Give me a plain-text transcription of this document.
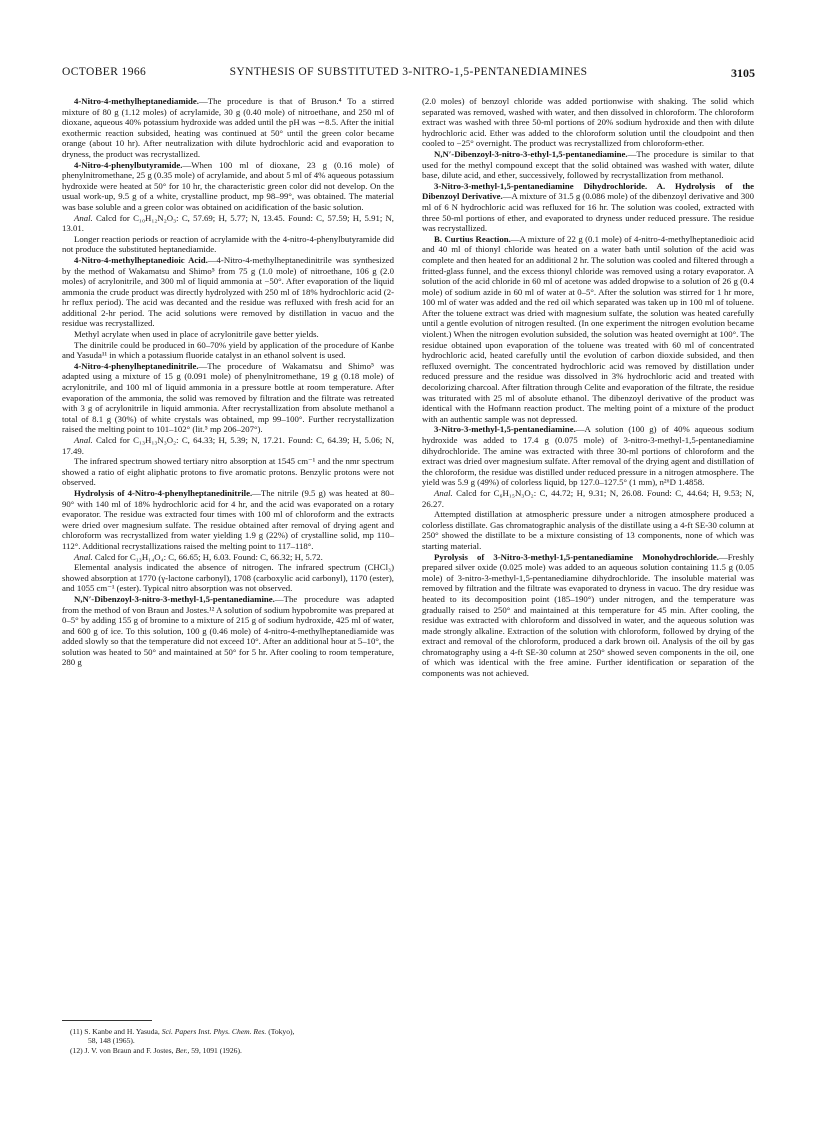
OCTOBER 1966	SYNTHESIS OF SUBSTITUTED 3-NITRO-1,5-PENTANEDIAMINES	3105

4-Nitro-4-methylheptanediamide.—The procedure is that of Bruson.⁴ To a stirred mixture of 80 g (1.12 moles) of acrylamide, 30 g (0.40 mole) of nitroethane, and 250 ml of dioxane, aqueous 40% potassium hydroxide was added until the pH was ∽8.5. After the initial exothermic reaction subsided, heating was continued at 50° until the green color became orange (about 10 hr). After neutralization with dilute hydrochloric acid and evaporation to dryness, the product was recrystallized.

4-Nitro-4-phenylbutyramide.—When 100 ml of dioxane, 23 g (0.16 mole) of phenylnitromethane, 25 g (0.35 mole) of acrylamide, and about 5 ml of 4% aqueous potassium hydroxide were heated at 50° for 10 hr, the characteristic green color did not develop. On the usual work-up, 9.5 g of a white, crystalline product, mp 98–99°, was obtained. The material was base soluble and a green color was obtained on acidification of the basic solution.

Anal. Calcd for C₁₀H₁₂N₂O₃: C, 57.69; H, 5.77; N, 13.45. Found: C, 57.59; H, 5.91; N, 13.01.

Longer reaction periods or reaction of acrylamide with the 4-nitro-4-phenylbutyramide did not produce the substituted heptanediamide.

4-Nitro-4-methylheptanedioic Acid.—4-Nitro-4-methylheptanedinitrile was synthesized by the method of Wakamatsu and Shimo⁵ from 75 g (1.0 mole) of nitroethane, 106 g (2.0 moles) of acrylonitrile, and 300 ml of liquid ammonia at −50°. After evaporation of the liquid ammonia the crude product was directly hydrolyzed with 250 ml of 18% hydrochloric acid (2-hr reflux period). The acid was decanted and the residue was refluxed with fresh acid for an additional 2-hr period. The acid solutions were removed by distillation in vacuo and the residue was recrystallized.

Methyl acrylate when used in place of acrylonitrile gave better yields.

The dinitrile could be produced in 60–70% yield by application of the procedure of Kanbe and Yasuda¹¹ in which a potassium fluoride catalyst in an ethanol solvent is used.

4-Nitro-4-phenylheptanedinitrile.—The procedure of Wakamatsu and Shimo⁵ was adapted using a mixture of 15 g (0.091 mole) of phenylnitromethane, 19 g (0.18 mole) of acrylonitrile, and 100 ml of liquid ammonia in a pressure bottle at room temperature. After evaporation of the ammonia, the solid was removed by filtration and the filtrate was retreated with 3 g of acrylonitrile in liquid ammonia. After recrystallization from absolute methanol a total of 8.1 g (30%) of white crystals was obtained, mp 99–100°. Further recrystallization raised the melting point to 101–102° (lit.⁵ mp 206–207°).

Anal. Calcd for C₁₃H₁₃N₃O₂: C, 64.33; H, 5.39; N, 17.21. Found: C, 64.39; H, 5.06; N, 17.49.

The infrared spectrum showed tertiary nitro absorption at 1545 cm⁻¹ and the nmr spectrum showed a ratio of eight aliphatic protons to five aromatic protons. Benzylic protons were not observed.

Hydrolysis of 4-Nitro-4-phenylheptanedinitrile.—The nitrile (9.5 g) was heated at 80–90° with 140 ml of 18% hydrochloric acid for 4 hr, and the acid was evaporated on a rotary evaporator. The residue was extracted four times with 100 ml of chloroform and the extracts were dried over magnesium sulfate. The residue obtained after removal of drying agent and chloroform was recrystallized from water yielding 1.9 g (22%) of crystalline solid, mp 110–112°. Additional recrystallizations raised the melting point to 117–118°.

Anal. Calcd for C₁₃H₁₄O₄: C, 66.65; H, 6.03. Found: C, 66.32; H, 5.72.

Elemental analysis indicated the absence of nitrogen. The infrared spectrum (CHCl₃) showed absorption at 1770 (γ-lactone carbonyl), 1708 (carboxylic acid carbonyl), 1170 (ester), and 1055 cm⁻¹ (ester). Typical nitro absorption was not observed.

N,N′-Dibenzoyl-3-nitro-3-methyl-1,5-pentanediamine.—The procedure was adapted from the method of von Braun and Jostes.¹² A solution of sodium hypobromite was prepared at 0–5° by adding 155 g of bromine to a mixture of 215 g of sodium hydroxide, 425 ml of water, and 600 g of ice. To this solution, 100 g (0.46 mole) of 4-nitro-4-methylheptanediamide was added slowly so that the temperature did not exceed 10°. After an additional hour at 5–10°, the solution was heated to 50° and maintained at 50° for 5 hr. After cooling to room temperature, 280 g

(2.0 moles) of benzoyl chloride was added portionwise with shaking. The solid which separated was removed, washed with water, and then dissolved in chloroform. The chloroform extract was washed with three 50-ml portions of 20% sodium hydroxide and then with dilute hydrochloric acid. Ether was added to the chloroform solution until the cloudpoint and then cooled to −25° overnight. The product was recrystallized from chloroform-ether.

N,N′-Dibenzoyl-3-nitro-3-ethyl-1,5-pentanediamine.—The procedure is similar to that used for the methyl compound except that the solid obtained was washed with water, dilute base, dilute acid, and ether, successively, followed by recrystallization from methanol.

3-Nitro-3-methyl-1,5-pentanediamine Dihydrochloride. A. Hydrolysis of the Dibenzoyl Derivative.—A mixture of 31.5 g (0.086 mole) of the dibenzoyl derivative and 300 ml of 6 N hydrochloric acid was refluxed for 16 hr. The solution was cooled, extracted with three 50-ml portions of ether, and evaporated to dryness under reduced pressure. The residue was recrystallized.

B. Curtius Reaction.—A mixture of 22 g (0.1 mole) of 4-nitro-4-methylheptanedioic acid and 40 ml of thionyl chloride was heated on a water bath until solution of the acid was complete and then heated for an additional 2 hr. The solution was cooled and filtered through a fritted-glass funnel, and the excess thionyl chloride was removed using a rotary evaporator. A solution of the acid chloride in 60 ml of acetone was added dropwise to a solution of 26 g (0.4 mole) of sodium azide in 60 ml of water at 0–5°. After the solution was stirred for 1 hr more, 100 ml of water was added and the red oil which separated was taken up in 100 ml of toluene. After the toluene extract was dried with magnesium sulfate, the solution was heated carefully until a gentle evolution of nitrogen resulted. (In one experiment the nitrogen evolution became violent.) When the nitrogen evolution subsided, the solution was heated overnight at 100°. The residue obtained upon evaporation of the toluene was treated with 60 ml of concentrated hydrochloric acid, heated carefully until the evolution of carbon dioxide subsided, and then refluxed overnight. The concentrated hydrochloric acid was removed by distillation under reduced pressure and the residue was dissolved in 3% hydrochloric acid and treated with decolorizing charcoal. After filtration through Celite and evaporation of the filtrate, the residue was triturated with 25 ml of absolute ethanol. The dibenzoyl derivative of the product was identical with the Hofmann reaction product. The melting point of a mixture of the product with an authentic sample was not depressed.

3-Nitro-3-methyl-1,5-pentanediamine.—A solution (100 g) of 40% aqueous sodium hydroxide was added to 17.4 g (0.075 mole) of 3-nitro-3-methyl-1,5-pentanediamine dihydrochloride. The amine was extracted with three 30-ml portions of chloroform and the extract was dried over magnesium sulfate. After removal of the drying agent and distillation of the chloroform, the residue was distilled under reduced pressure in a nitrogen atmosphere. The yield was 5.9 g (49%) of colorless liquid, bp 127.0–127.5° (1 mm), n²⁶D 1.4858.

Anal. Calcd for C₆H₁₅N₃O₂: C, 44.72; H, 9.31; N, 26.08. Found: C, 44.64; H, 9.53; N, 26.27.

Attempted distillation at atmospheric pressure under a nitrogen atmosphere produced a colorless distillate. Gas chromatographic analysis of the distillate using a 4-ft SE-30 column at 250° showed the distillate to be a mixture consisting of 13 components, none of which was starting material.

Pyrolysis of 3-Nitro-3-methyl-1,5-pentanediamine Monohydrochloride.—Freshly prepared silver oxide (0.025 mole) was added to an aqueous solution containing 11.5 g (0.05 mole) of 3-nitro-3-methyl-1,5-pentanediamine dihydrochloride. The insoluble material was removed by filtration and the filtrate was evaporated to dryness in vacuo. The dry residue was heated to its decomposition point (185–190°) under nitrogen, and the temperature was gradually raised to 250° and maintained at this temperature for 45 min. After cooling, the residue was extracted with chloroform and dissolved in water, and the aqueous solution was made strongly alkaline. Extraction of the solution with chloroform, followed by drying of the extract and removal of the chloroform, produced a dark brown oil. Analysis of the oil by gas chromatography using a 4-ft SE-30 column at 250° showed seven components in the oil, one of which was identical with the free amine. Further identification or separation of the components was not achieved.

(11) S. Kanbe and H. Yasuda, Sci. Papers Inst. Phys. Chem. Res. (Tokyo),

58, 148 (1965).

(12) J. V. von Braun and F. Jostes, Ber., 59, 1091 (1926).
